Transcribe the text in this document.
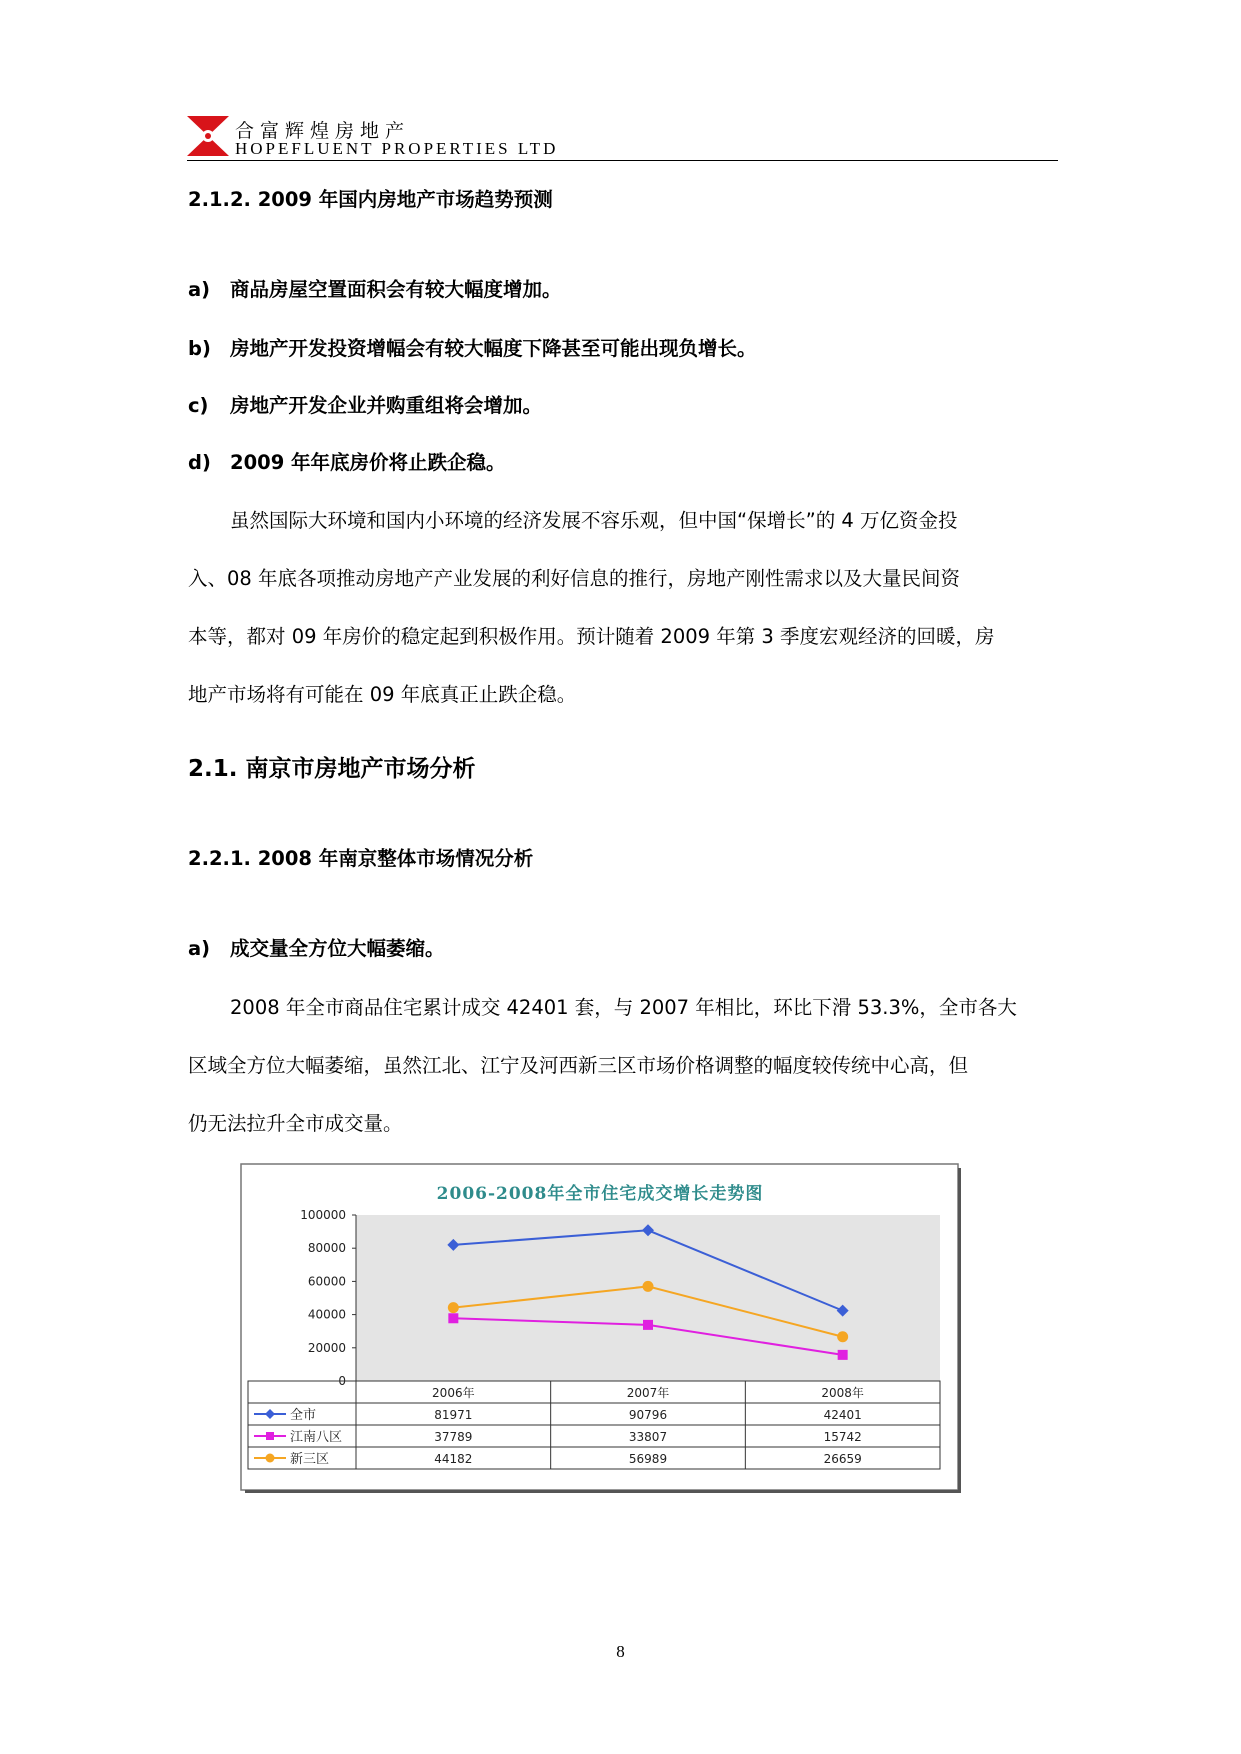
合富辉煌房地产
HOPEFLUENT PROPERTIES LTD
2.1.2. 2009 年国内房地产市场趋势预测
a) 商品房屋空置面积会有较大幅度增加。
b) 房地产开发投资增幅会有较大幅度下降甚至可能出现负增长。
c) 房地产开发企业并购重组将会增加。
d) 2009 年年底房价将止跌企稳。
虽然国际大环境和国内小环境的经济发展不容乐观，但中国“保增长”的 4 万亿资金投
入、08 年底各项推动房地产产业发展的利好信息的推行，房地产刚性需求以及大量民间资
本等，都对 09 年房价的稳定起到积极作用。预计随着 2009 年第 3 季度宏观经济的回暖，房
地产市场将有可能在 09 年底真正止跌企稳。
2.1. 南京市房地产市场分析
2.2.1. 2008 年南京整体市场情况分析
a) 成交量全方位大幅萎缩。
2008 年全市商品住宅累计成交 42401 套，与 2007 年相比，环比下滑 53.3%，全市各大
区域全方位大幅萎缩，虽然江北、江宁及河西新三区市场价格调整的幅度较传统中心高，但
仍无法拉升全市成交量。
2006-2008年全市住宅成交增长走势图
100000
80000
60000
40000
20000
0
2006年	2007年	2008年
全市	81971	90796	42401
江南八区	37789	33807	15742
新三区	44182	56989	26659
8
